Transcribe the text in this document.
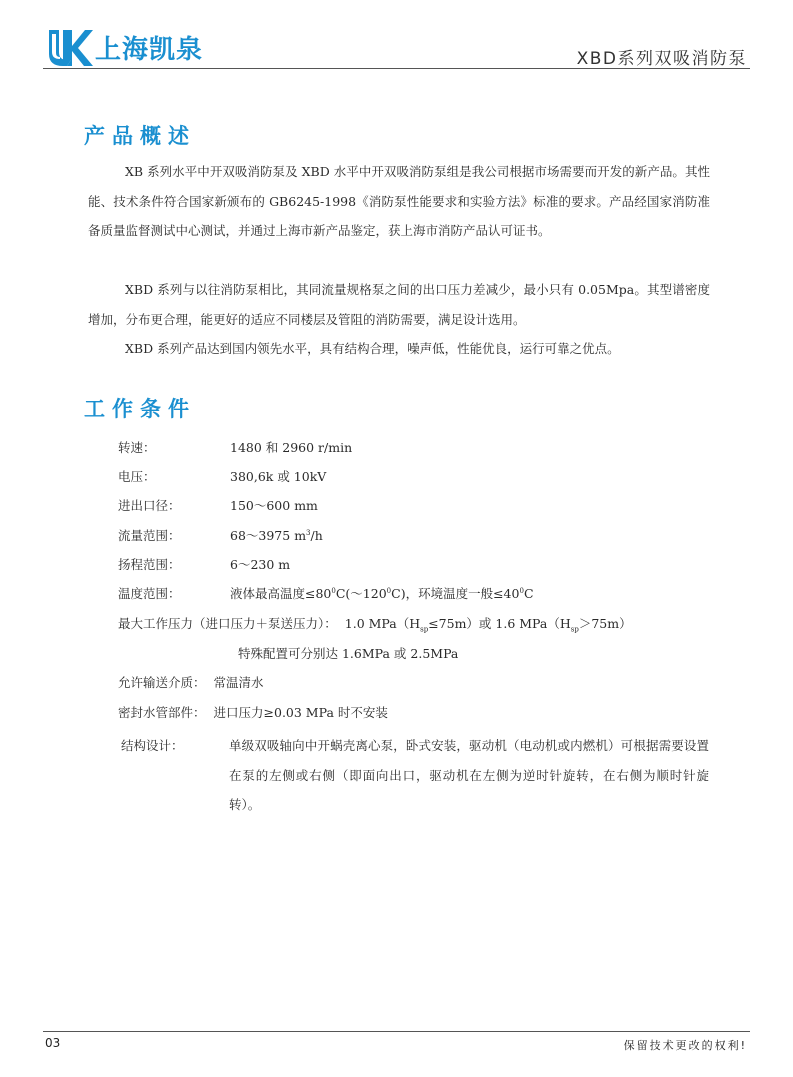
上海凯泉	XBD系列双吸消防泵
产品概述

XB 系列水平中开双吸消防泵及 XBD 水平中开双吸消防泵组是我公司根据市场需要而开发的新产品。其性能、技术条件符合国家新颁布的 GB6245-1998《消防泵性能要求和实验方法》标准的要求。产品经国家消防准备质量监督测试中心测试，并通过上海市新产品鉴定，获上海市消防产品认可证书。

XBD 系列与以往消防泵相比，其同流量规格泵之间的出口压力差减少，最小只有 0.05Mpa。其型谱密度增加，分布更合理，能更好的适应不同楼层及管阻的消防需要，满足设计选用。

XBD 系列产品达到国内领先水平，具有结构合理，噪声低，性能优良，运行可靠之优点。

工作条件
转速：	1480 和 2960 r/min
电压：	380,6k 或 10kV
进出口径：	150～600 mm
流量范围：	68～3975 $m^3/h$
扬程范围：	6～230 m
温度范围：	液体最高温度$\le 80^0C(\sim 120^0C)$，环境温度一般$\le 40^0C$
最大工作压力（进口压力＋泵送压力）： 1.0 $MPa(H_{sp}\le 75m)$或 1.6 $MPa(H_{sp}>75m)$
特殊配置可分别达 1.6MPa 或 2.5MPa
允许输送介质： 常温清水
密封水管部件： 进口压力≥0.03 MPa 时不安装
结构设计：	单级双吸轴向中开蜗壳离心泵，卧式安装，驱动机（电动机或内燃机）可根据需要设置在泵的左侧或右侧（即面向出口，驱动机在左侧为逆时针旋转，在右侧为顺时针旋转）。

03	保留技术更改的权利!
